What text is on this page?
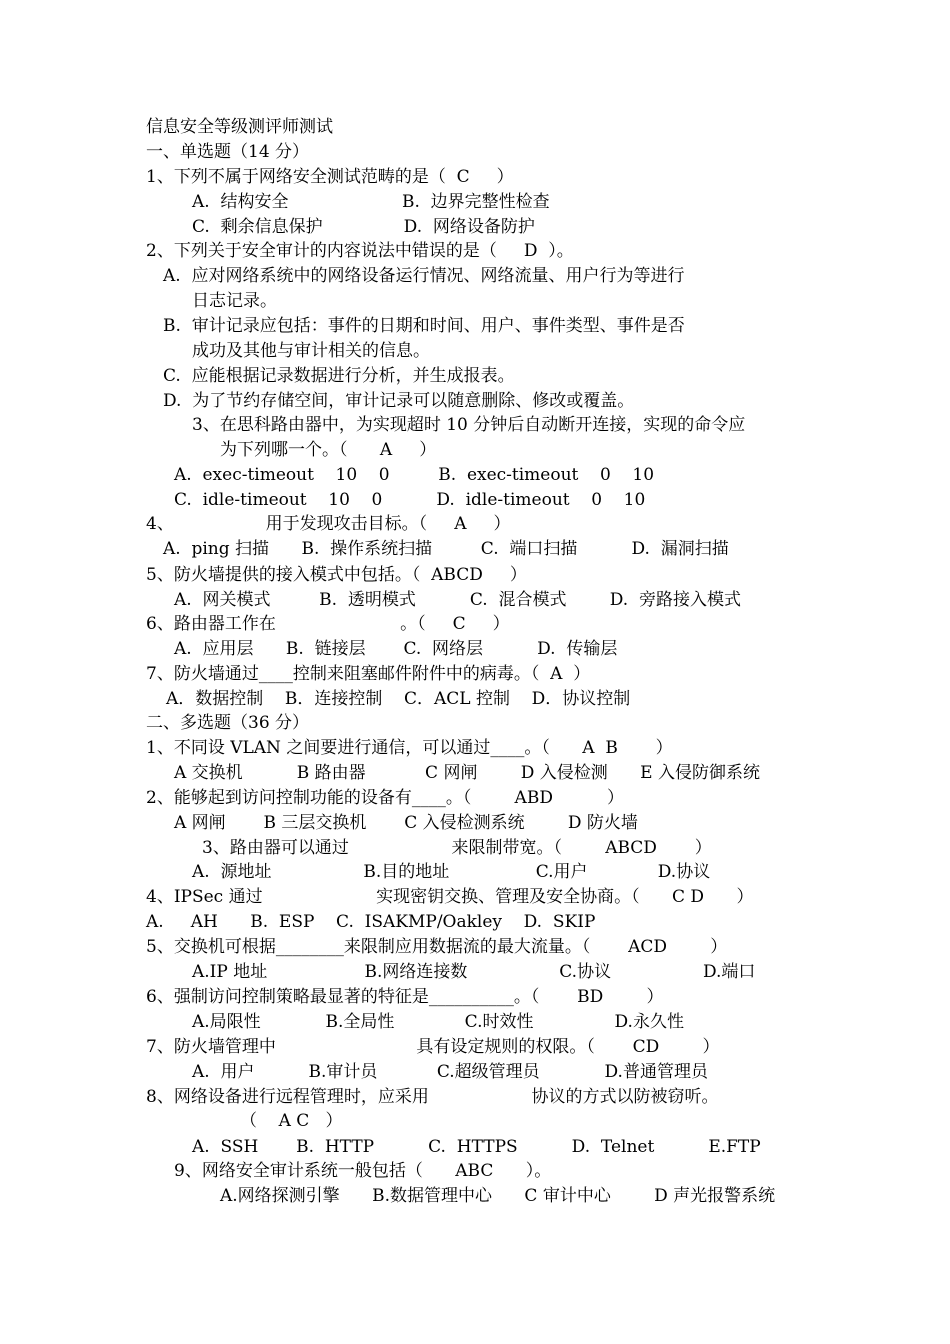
信息安全等级测评师测试
一、单选题（14 分）
1、下列不属于网络安全测试范畴的是（  C     ）
A.  结构安全                     B.  边界完整性检查
C.  剩余信息保护               D.  网络设备防护
2、下列关于安全审计的内容说法中错误的是（     D  ）。
A.  应对网络系统中的网络设备运行情况、网络流量、用户行为等进行
日志记录。
B.  审计记录应包括：事件的日期和时间、用户、事件类型、事件是否
成功及其他与审计相关的信息。
C.  应能根据记录数据进行分析，并生成报表。
D.  为了节约存储空间，审计记录可以随意删除、修改或覆盖。
3、在思科路由器中，为实现超时 10 分钟后自动断开连接，实现的命令应
为下列哪一个。（      A     ）
A.  exec-timeout    10    0         B.  exec-timeout    0    10
C.  idle-timeout    10    0          D.  idle-timeout    0    10
4、                 用于发现攻击目标。（     A     ）
A.  ping 扫描      B.  操作系统扫描         C.  端口扫描          D.  漏洞扫描
5、防火墙提供的接入模式中包括。（  ABCD     ）
A.  网关模式         B.  透明模式          C.  混合模式        D.  旁路接入模式
6、路由器工作在                       。（     C     ）
A.  应用层      B.  链接层       C.  网络层          D.  传输层
7、防火墙通过____控制来阻塞邮件附件中的病毒。（  A  ）
A．数据控制    B．连接控制    C．ACL 控制    D．协议控制
二、多选题（36 分）
1、不同设 VLAN 之间要进行通信，可以通过____。（      A  B       ）
A 交换机          B 路由器           C 网闸        D 入侵检测      E 入侵防御系统
2、能够起到访问控制功能的设备有____。（        ABD          ）
A 网闸       B 三层交换机       C 入侵检测系统        D 防火墙
3、路由器可以通过                   来限制带宽。（        ABCD       ）
A.  源地址                 B.目的地址                C.用户             D.协议
4、IPSec 通过                     实现密钥交换、管理及安全协商。（      C D      ）
A.     AH      B.  ESP    C.  ISAKMP/Oakley    D.  SKIP
5、交换机可根据________来限制应用数据流的最大流量。（       ACD        ）
A.IP 地址                  B.网络连接数                 C.协议                 D.端口
6、强制访问控制策略最显著的特征是__________。（       BD        ）
A.局限性            B.全局性             C.时效性               D.永久性
7、防火墙管理中                          具有设定规则的权限。（       CD        ）
A.  用户          B.审计员           C.超级管理员            D.普通管理员
8、网络设备进行远程管理时，应采用                   协议的方式以防被窃听。
（    A C   ）
A.  SSH       B.  HTTP          C.  HTTPS          D.  Telnet          E.FTP
9、网络安全审计系统一般包括（      ABC      ）。
A.网络探测引擎      B.数据管理中心      C 审计中心        D 声光报警系统
